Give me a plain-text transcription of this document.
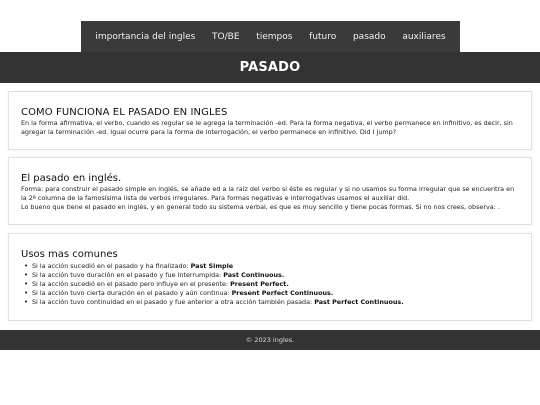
importancia del ingles TO/BE tiempos futuro pasado auxiliares
PASADO
COMO FUNCIONA EL PASADO EN INGLES

En la forma afirmativa, el verbo, cuando es regular se le agrega la terminación -ed. Para la forma negativa, el verbo permanece en infinitivo, es decir, sin agregar la terminación -ed. Igual ocurre para la forma de interrogación, el verbo permanece en infinitivo. Did I jump?

El pasado en inglés.

Forma: para construir el pasado simple en inglés, se añade ed a la raíz del verbo si éste es regular y si no usamos su forma irregular que se encuentra en la 2ª columna de la famosísima lista de verbos irregulares. Para formas negativas e interrogativas usamos el auxiliar did.

Lo bueno que tiene el pasado en inglés, y en general todo su sistema verbal, es que es muy sencillo y tiene pocas formas. Si no nos crees, observa: .

Usos mas comunes
• Si la acción sucedió en el pasado y ha finalizado: Past Simple
• Si la acción tuvo duración en el pasado y fue interrumpida: Past Continuous.
• Si la acción sucedió en el pasado pero influye en el presente: Present Perfect.
• Si la acción tuvo cierta duración en el pasado y aún continua: Present Perfect Continuous.
• Si la acción tuvo continuidad en el pasado y fue anterior a otra acción también pasada: Past Perfect Continuous.
© 2023 ingles.
